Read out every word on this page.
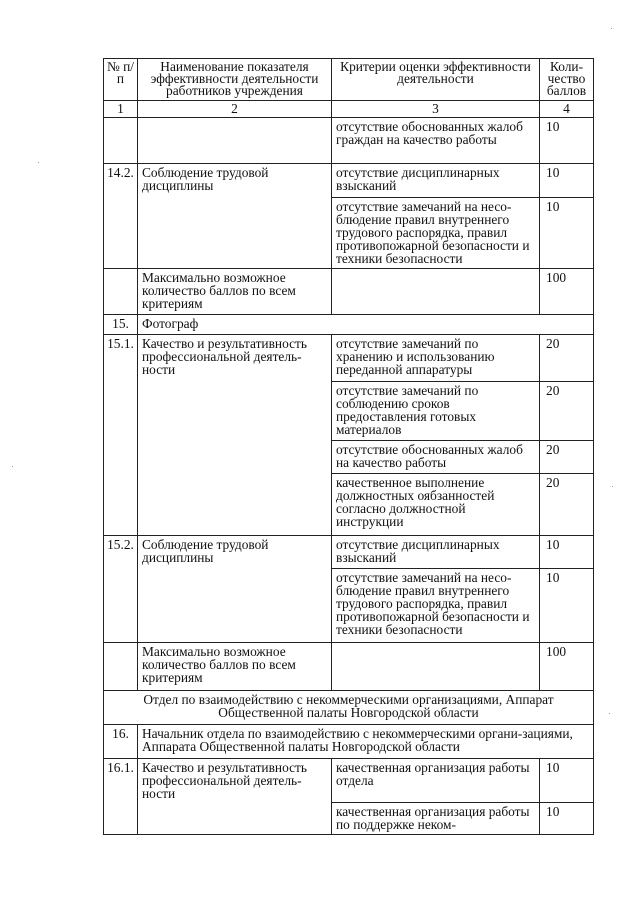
№ п/п	Наименование показателя эффективности деятельности работников учреждения	Критерии оценки эффективности деятельности	Коли-чество баллов
1	2	3	4
		отсутствие обоснованных жалоб граждан на качество работы	10
14.2.	Соблюдение трудовой дисциплины	отсутствие дисциплинарных взысканий	10
		отсутствие замечаний на несо-блюдение правил внутреннего трудового распорядка, правил противопожарной безопасности и техники безопасности	10
	Максимально возможное количество баллов по всем критериям		100
15.	Фотограф		
15.1.	Качество и результативность профессиональной деятель-ности	отсутствие замечаний по хранению и использованию переданной аппаратуры	20
		отсутствие замечаний по соблюдению сроков предоставления готовых материалов	20
		отсутствие обоснованных жалоб на качество работы	20
		качественное выполнение должностных оябзанностей согласно должностной инструкции	20
15.2.	Соблюдение трудовой дисциплины	отсутствие дисциплинарных взысканий	10
		отсутствие замечаний на несо-блюдение правил внутреннего трудового распорядка, правил противопожарной безопасности и техники безопасности	10
	Максимально возможное количество баллов по всем критериям		100
Отдел по взаимодействию с некоммерческими организациями, Аппарат Общественной палаты Новгородской области			
16.	Начальник отдела по взаимодействию с некоммерческими органи-зациями, Аппарата Общественной палаты Новгородской области		
16.1.	Качество и результативность профессиональной деятель-ности	качественная организация работы отдела	10
		качественная организация работы по поддержке неком-	10
